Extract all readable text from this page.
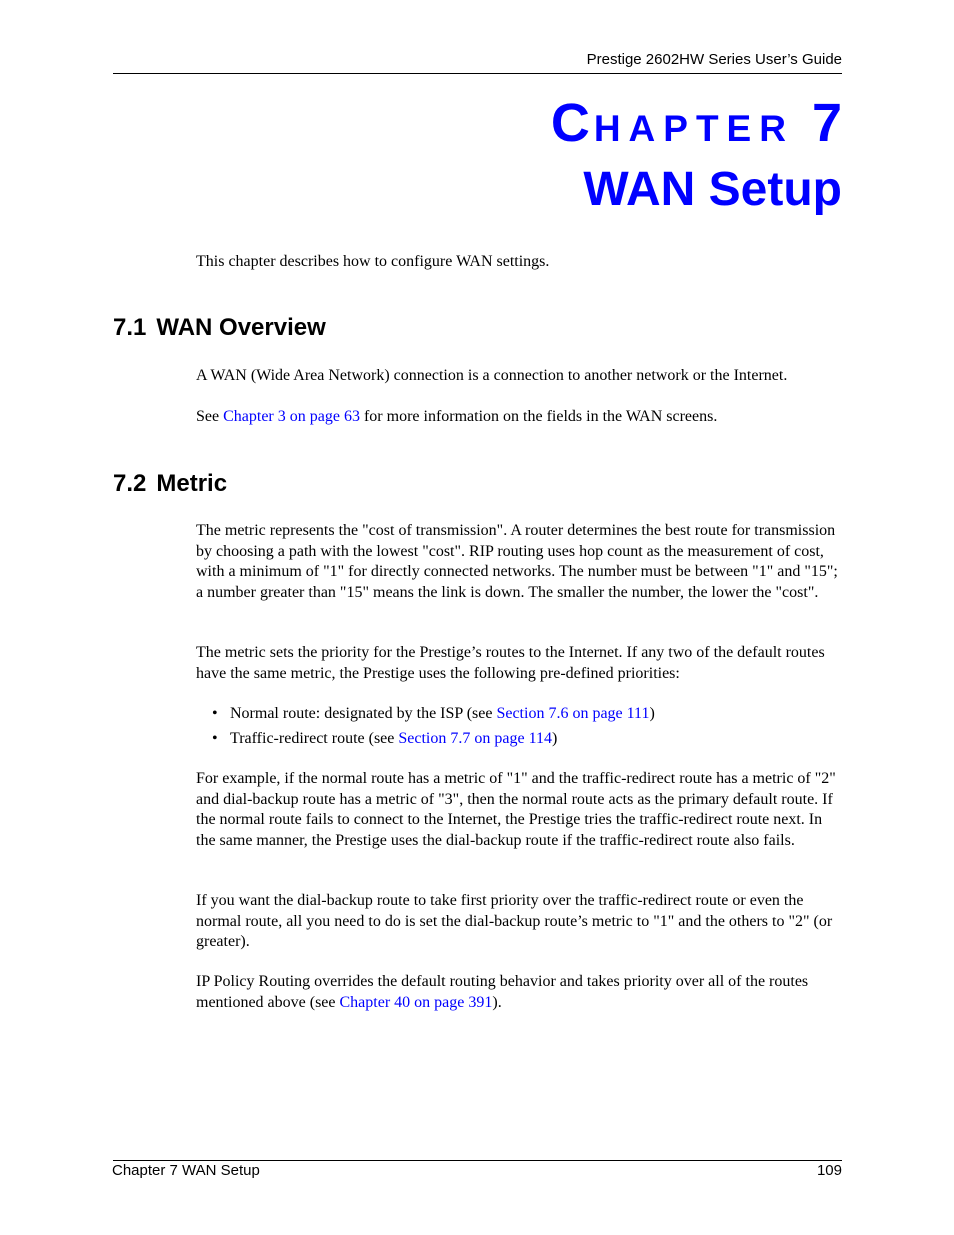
Prestige 2602HW Series User’s Guide
CHAPTER 7
WAN Setup

This chapter describes how to configure WAN settings.

7.1 WAN Overview

A WAN (Wide Area Network) connection is a connection to another network or the Internet.

See Chapter 3 on page 63 for more information on the fields in the WAN screens.

7.2 Metric

The metric represents the "cost of transmission". A router determines the best route for transmission by choosing a path with the lowest "cost". RIP routing uses hop count as the measurement of cost, with a minimum of "1" for directly connected networks. The number must be between "1" and "15"; a number greater than "15" means the link is down. The smaller the number, the lower the "cost".

The metric sets the priority for the Prestige’s routes to the Internet. If any two of the default routes have the same metric, the Prestige uses the following pre-defined priorities:

• Normal route: designated by the ISP (see Section 7.6 on page 111)
• Traffic-redirect route (see Section 7.7 on page 114)

For example, if the normal route has a metric of "1" and the traffic-redirect route has a metric of "2" and dial-backup route has a metric of "3", then the normal route acts as the primary default route. If the normal route fails to connect to the Internet, the Prestige tries the traffic-redirect route next. In the same manner, the Prestige uses the dial-backup route if the traffic-redirect route also fails.

If you want the dial-backup route to take first priority over the traffic-redirect route or even the normal route, all you need to do is set the dial-backup route’s metric to "1" and the others to "2" (or greater).

IP Policy Routing overrides the default routing behavior and takes priority over all of the routes mentioned above (see Chapter 40 on page 391).

Chapter 7 WAN Setup	109
